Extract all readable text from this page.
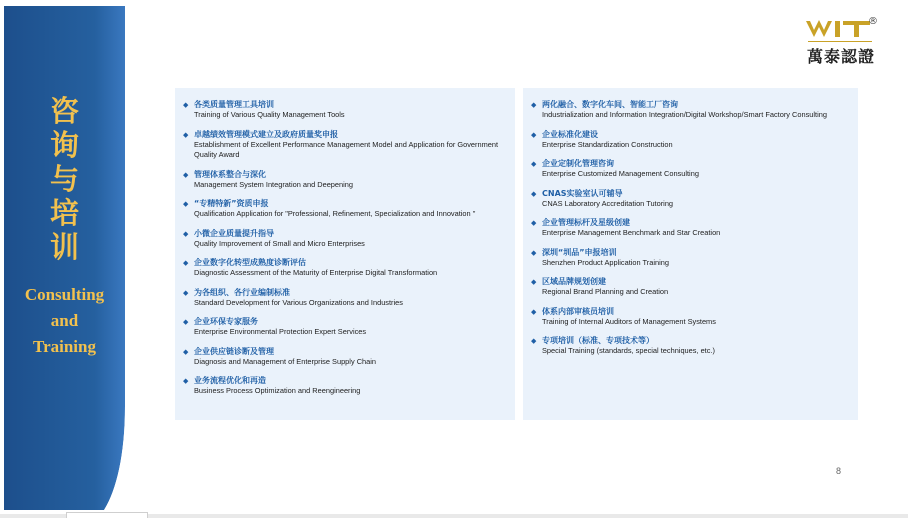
咨
询
与
培
训
Consulting
and
Training
®
萬泰認證
◆ 各类质量管理工具培训
Training of Various Quality Management Tools
◆ 卓越绩效管理模式建立及政府质量奖申报
Establishment of Excellent Performance Management Model and Application for Government Quality Award
◆ 管理体系整合与深化
Management System Integration and Deepening
◆ “专精特新”资质申报
Qualification Application for "Professional, Refinement, Specialization and Innovation "
◆ 小微企业质量提升指导
Quality Improvement of Small and Micro Enterprises
◆ 企业数字化转型成熟度诊断评估
Diagnostic Assessment of the Maturity of Enterprise Digital Transformation
◆ 为各组织、各行业编制标准
Standard Development for Various Organizations and Industries
◆ 企业环保专家服务
Enterprise Environmental Protection Expert Services
◆ 企业供应链诊断及管理
Diagnosis and Management of Enterprise Supply Chain
◆ 业务流程优化和再造
Business Process Optimization and Reengineering
◆ 两化融合、数字化车间、智能工厂咨询
Industrialization and Information Integration/Digital Workshop/Smart Factory Consulting
◆ 企业标准化建设
Enterprise Standardization Construction
◆ 企业定制化管理咨询
Enterprise Customized Management Consulting
◆ CNAS实验室认可辅导
CNAS Laboratory Accreditation Tutoring
◆ 企业管理标杆及星级创建
Enterprise Management Benchmark and Star Creation
◆ 深圳“圳品”申报培训
Shenzhen Product Application Training
◆ 区域品牌规划创建
Regional Brand Planning and Creation
◆ 体系内部审核员培训
Training of Internal Auditors of Management Systems
◆ 专项培训（标准、专项技术等）
Special Training (standards, special techniques, etc.)
8
